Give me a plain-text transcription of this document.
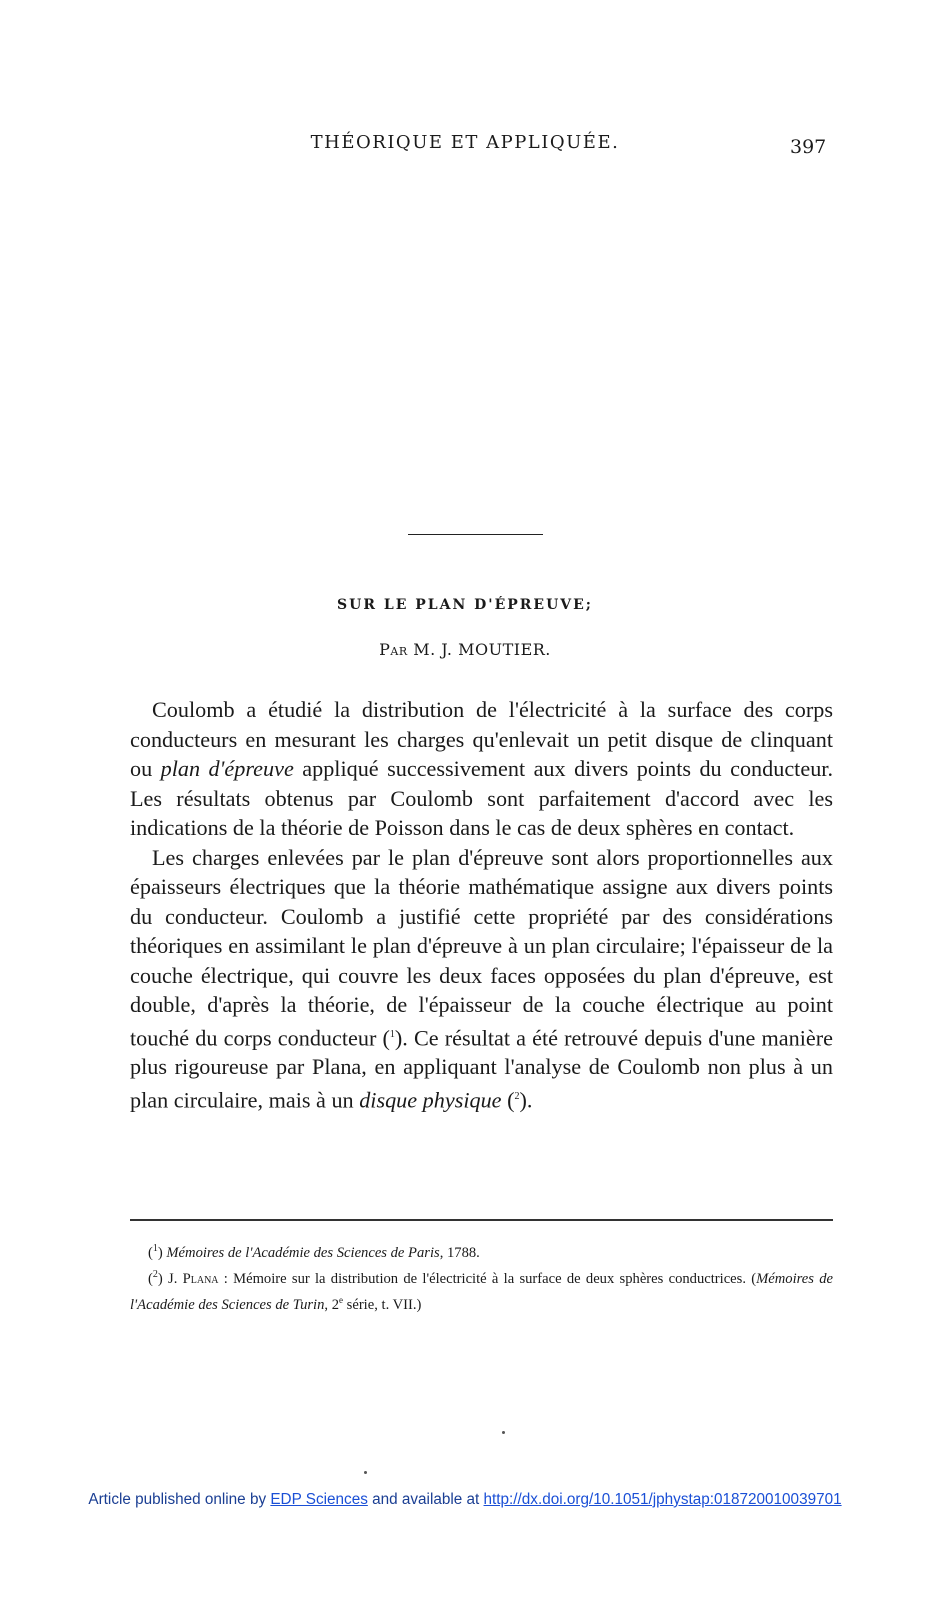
THÉORIQUE ET APPLIQUÉE.	397
SUR LE PLAN D'ÉPREUVE;
Par M. J. MOUTIER.

Coulomb a étudié la distribution de l'électricité à la surface des corps conducteurs en mesurant les charges qu'enlevait un petit disque de clinquant ou plan d'épreuve appliqué successivement aux divers points du conducteur. Les résultats obtenus par Coulomb sont parfaitement d'accord avec les indications de la théorie de Poisson dans le cas de deux sphères en contact.

Les charges enlevées par le plan d'épreuve sont alors proportionnelles aux épaisseurs électriques que la théorie mathématique assigne aux divers points du conducteur. Coulomb a justifié cette propriété par des considérations théoriques en assimilant le plan d'épreuve à un plan circulaire; l'épaisseur de la couche électrique, qui couvre les deux faces opposées du plan d'épreuve, est double, d'après la théorie, de l'épaisseur de la couche électrique au point touché du corps conducteur ($^1$). Ce résultat a été retrouvé depuis d'une manière plus rigoureuse par Plana, en appliquant l'analyse de Coulomb non plus à un plan circulaire, mais à un disque physique ($^2$).

($^1$) Mémoires de l'Académie des Sciences de Paris, 1788.

($^2$) J. Plana : Mémoire sur la distribution de l'électricité à la surface de deux sphères conductrices. (Mémoires de l'Académie des Sciences de Turin, 2e série, t. VII.)

Article published online by EDP Sciences and available at http://dx.doi.org/10.1051/jphystap:018720010039701
